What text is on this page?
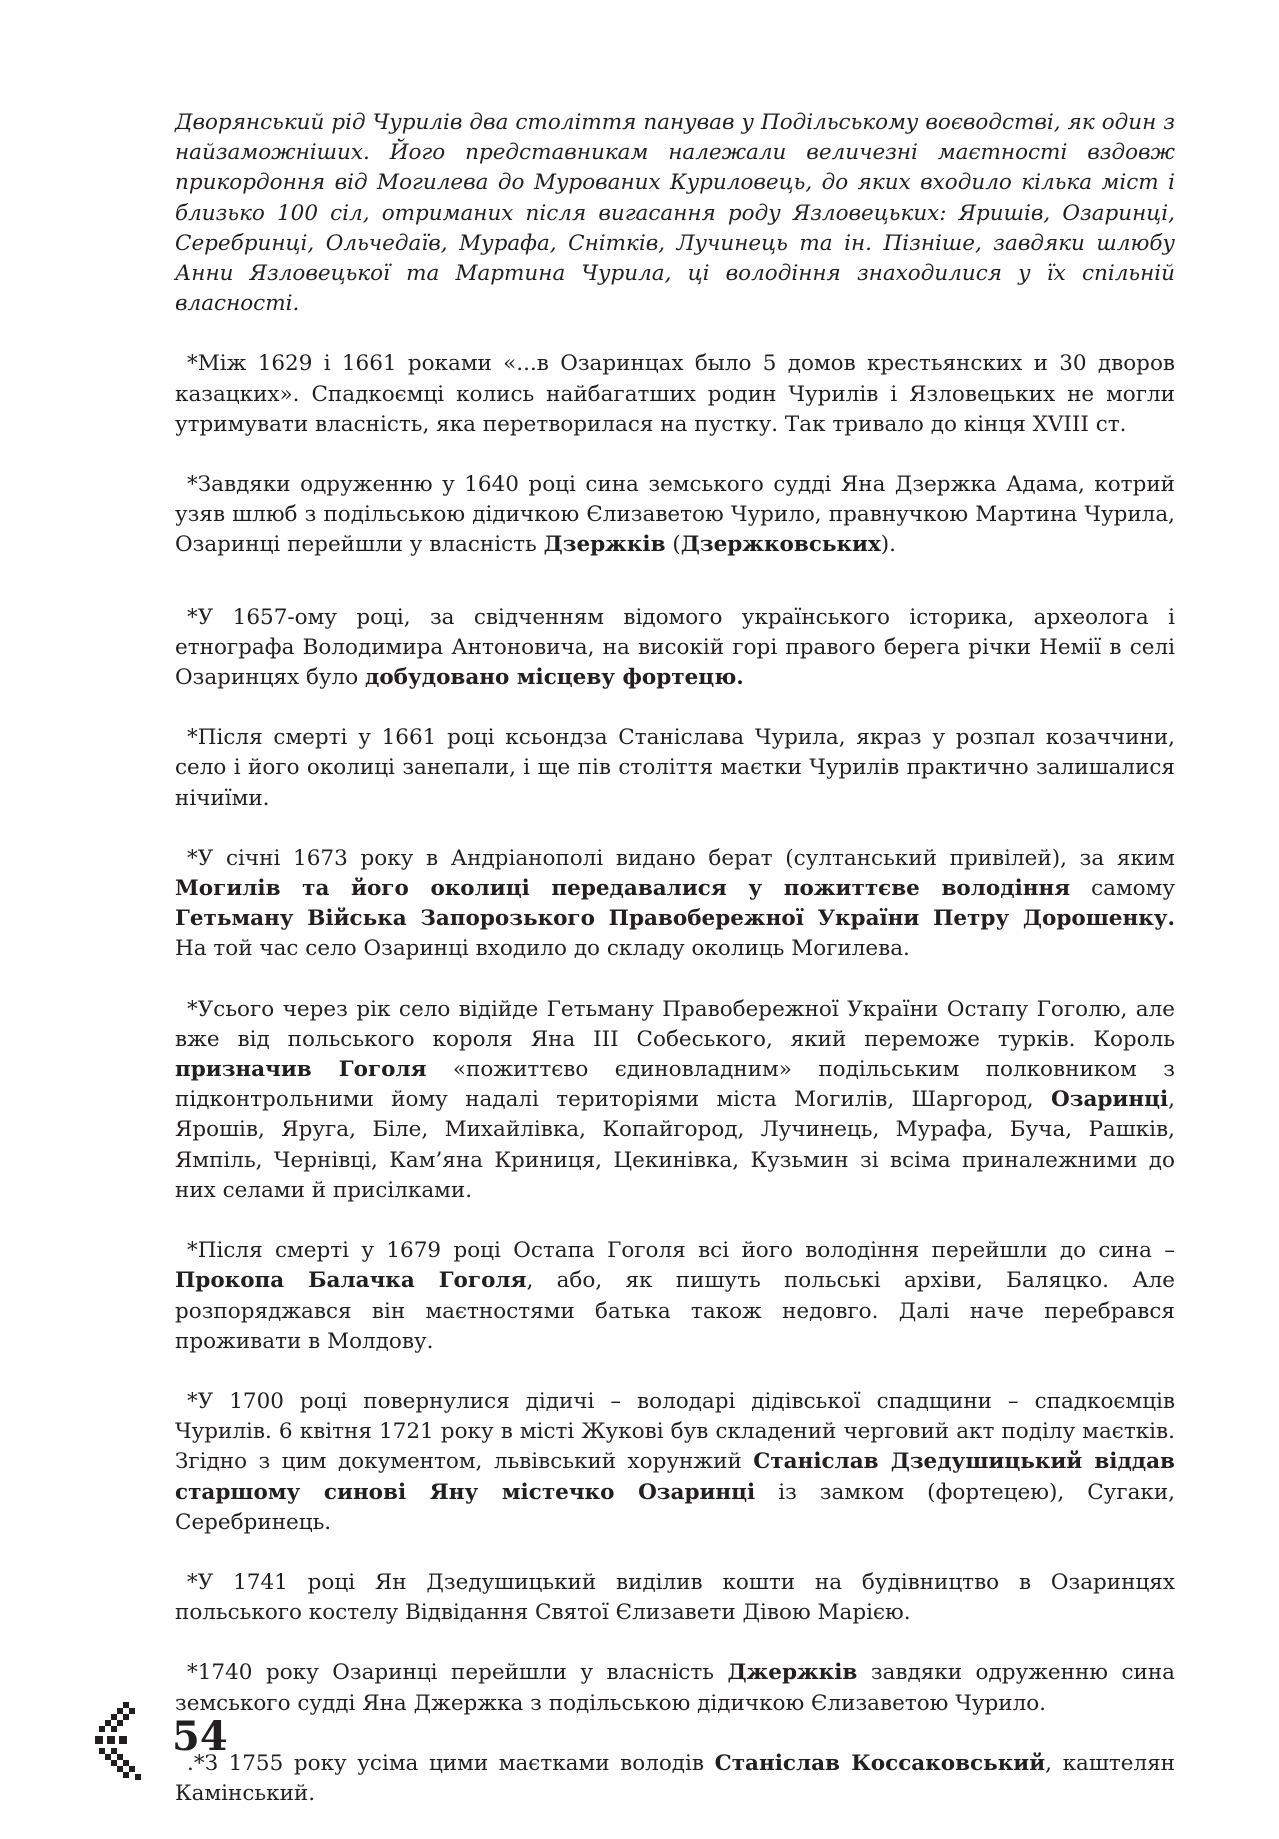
Дворянський рід Чурилів два століття панував у Подільському воєводстві, як один з найзаможніших. Його представникам належали величезні маєтності вздовж прикордоння від Могилева до Мурованих Куриловець, до яких входило кілька міст і близько 100 сіл, отриманих після вигасання роду Язловецьких: Яришів, Озаринці, Серебринці, Ольчедаїв, Мурафа, Снітків, Лучинець та ін. Пізніше, завдяки шлюбу Анни Язловецької та Мартина Чурила, ці володіння знаходилися у їх спільній власності.

*Між 1629 і 1661 роками «...в Озаринцах было 5 домов крестьянских и 30 дворов казацких». Спадкоємці колись найбагатших родин Чурилів і Язловецьких не могли утримувати власність, яка перетворилася на пустку. Так тривало до кінця XVIII ст.

*Завдяки одруженню у 1640 році сина земського судді Яна Дзержка Адама, котрий узяв шлюб з подільською дідичкою Єлизаветою Чурило, правнучкою Мартина Чурила, Озаринці перейшли у власність Дзержків (Дзержковських).

*У 1657-ому році, за свідченням відомого українського історика, археолога і етнографа Володимира Антоновича, на високій горі правого берега річки Немії в селі Озаринцях було добудовано місцеву фортецю.

*Після смерті у 1661 році ксьондза Станіслава Чурила, якраз у розпал козаччини, село і його околиці занепали, і ще пів століття маєтки Чурилів практично залишалися нічиїми.

*У січні 1673 року в Андріанополі видано берат (султанський привілей), за яким Могилів та його околиці передавалися у пожиттєве володіння самому Гетьману Війська Запорозького Правобережної України Петру Дорошенку. На той час село Озаринці входило до складу околиць Могилева.

*Усього через рік село відійде Гетьману Правобережної України Остапу Гоголю, але вже від польського короля Яна III Собеського, який переможе турків. Король призначив Гоголя «пожиттєво єдиновладним» подільським полковником з підконтрольними йому надалі територіями міста Могилів, Шаргород, Озаринці, Ярошів, Яруга, Біле, Михайлівка, Копайгород, Лучинець, Мурафа, Буча, Рашків, Ямпіль, Чернівці, Кам’яна Криниця, Цекинівка, Кузьмин зі всіма приналежними до них селами й присілками.

*Після смерті у 1679 році Остапа Гоголя всі його володіння перейшли до сина – Прокопа Балачка Гоголя, або, як пишуть польські архіви, Баляцко. Але розпоряджався він маєтностями батька також недовго. Далі наче перебрався проживати в Молдову.

*У 1700 році повернулися дідичі – володарі дідівської спадщини – спадкоємців Чурилів. 6 квітня 1721 року в місті Жукові був складений черговий акт поділу маєтків. Згідно з цим документом, львівський хорунжий Станіслав Дзедушицький віддав старшому синові Яну містечко Озаринці із замком (фортецею), Сугаки, Серебринець.

*У 1741 році Ян Дзедушицький виділив кошти на будівництво в Озаринцях польського костелу Відвідання Святої Єлизавети Дівою Марією.

*1740 року Озаринці перейшли у власність Джержків завдяки одруженню сина земського судді Яна Джержка з подільською дідичкою Єлизаветою Чурило.

.*З 1755 року усіма цими маєтками володів Станіслав Коссаковський, каштелян Камінський.

54
